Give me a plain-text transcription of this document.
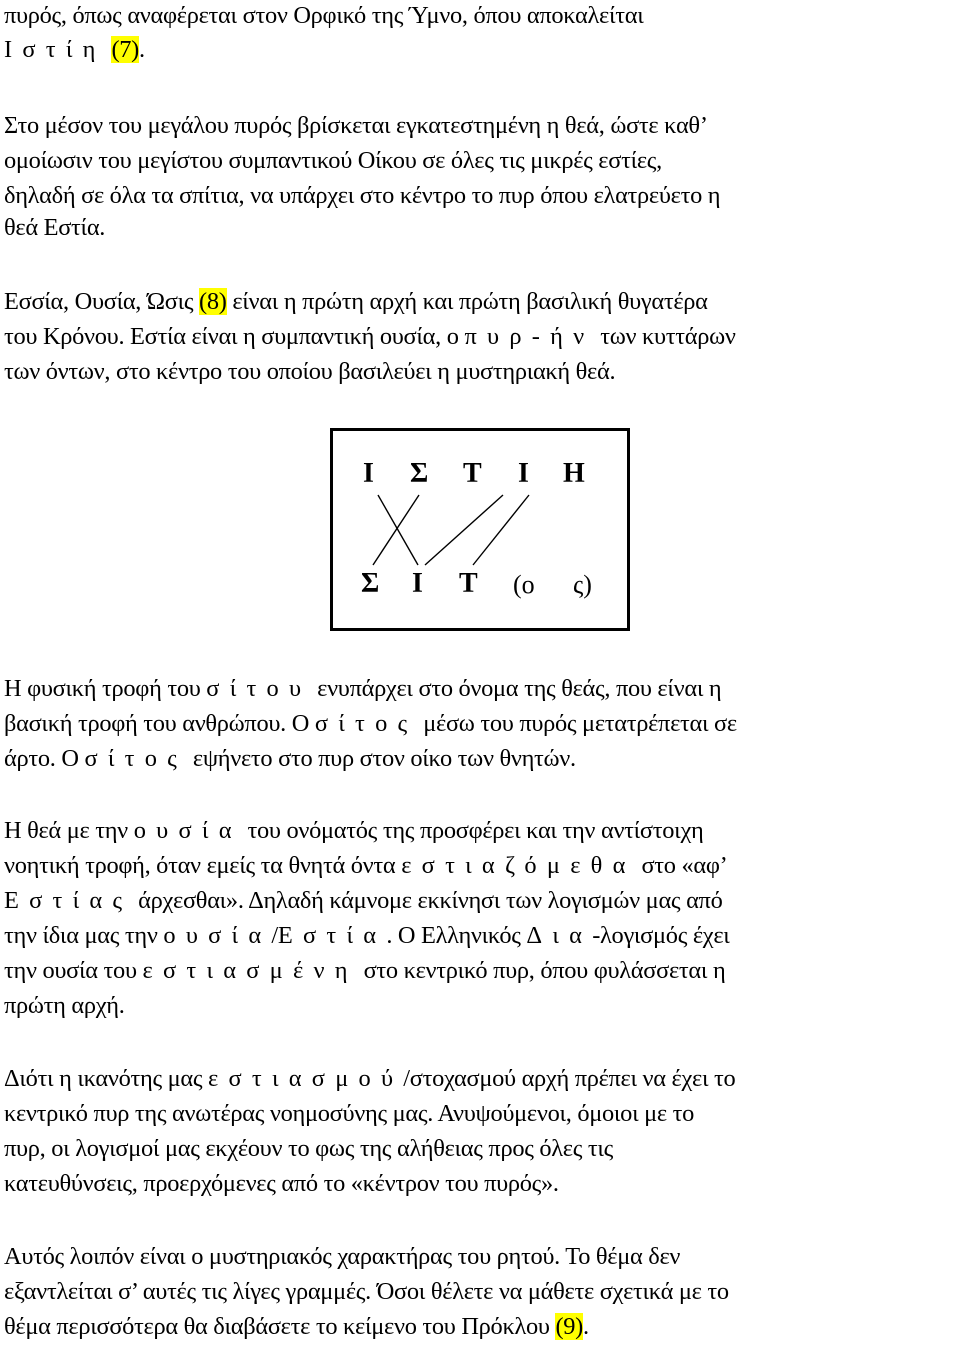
πυρός, όπως αναφέρεται στον Ορφικό της Ύμνο, όπου αποκαλείται
Ιστίη (7).
Στο μέσον του μεγάλου πυρός βρίσκεται εγκατεστημένη η θεά, ώστε καθ’
ομοίωσιν του μεγίστου συμπαντικού Οίκου σε όλες τις μικρές εστίες,
δηλαδή σε όλα τα σπίτια, να υπάρχει στο κέντρο το πυρ όπου ελατρεύετο η
θεά Εστία.
Εσσία, Ουσία, Ώσις (8) είναι η πρώτη αρχή και πρώτη βασιλική θυγατέρα
του Κρόνου. Εστία είναι η συμπαντική ουσία, ο πυρ-ήν των κυττάρων
των όντων, στο κέντρο του οποίου βασιλεύει η μυστηριακή θεά.
Ι Σ Τ Ι Η
Σ Ι Τ (ο ς)
Η φυσική τροφή του σίτου ενυπάρχει στο όνομα της θεάς, που είναι η
βασική τροφή του ανθρώπου. Ο σίτος μέσω του πυρός μετατρέπεται σε
άρτο. Ο σίτος εψήνετο στο πυρ στον οίκο των θνητών.
Η θεά με την ουσία του ονόματός της προσφέρει και την αντίστοιχη
νοητική τροφή, όταν εμείς τα θνητά όντα εστιαζόμεθα στο «αφ’
Εστίας άρχεσθαι». Δηλαδή κάμνομε εκκίνησι των λογισμών μας από
την ίδια μας την ουσία/Εστία. Ο Ελληνικός Δια-λογισμός έχει
την ουσία του εστιασμένη στο κεντρικό πυρ, όπου φυλάσσεται η
πρώτη αρχή.
Διότι η ικανότης μας εστιασμού/στοχασμού αρχή πρέπει να έχει το
κεντρικό πυρ της ανωτέρας νοημοσύνης μας. Ανυψούμενοι, όμοιοι με το
πυρ, οι λογισμοί μας εκχέουν το φως της αλήθειας προς όλες τις
κατευθύνσεις, προερχόμενες από το «κέντρον του πυρός».
Αυτός λοιπόν είναι ο μυστηριακός χαρακτήρας του ρητού. Το θέμα δεν
εξαντλείται σ’ αυτές τις λίγες γραμμές. Όσοι θέλετε να μάθετε σχετικά με το
θέμα περισσότερα θα διαβάσετε το κείμενο του Πρόκλου (9).
